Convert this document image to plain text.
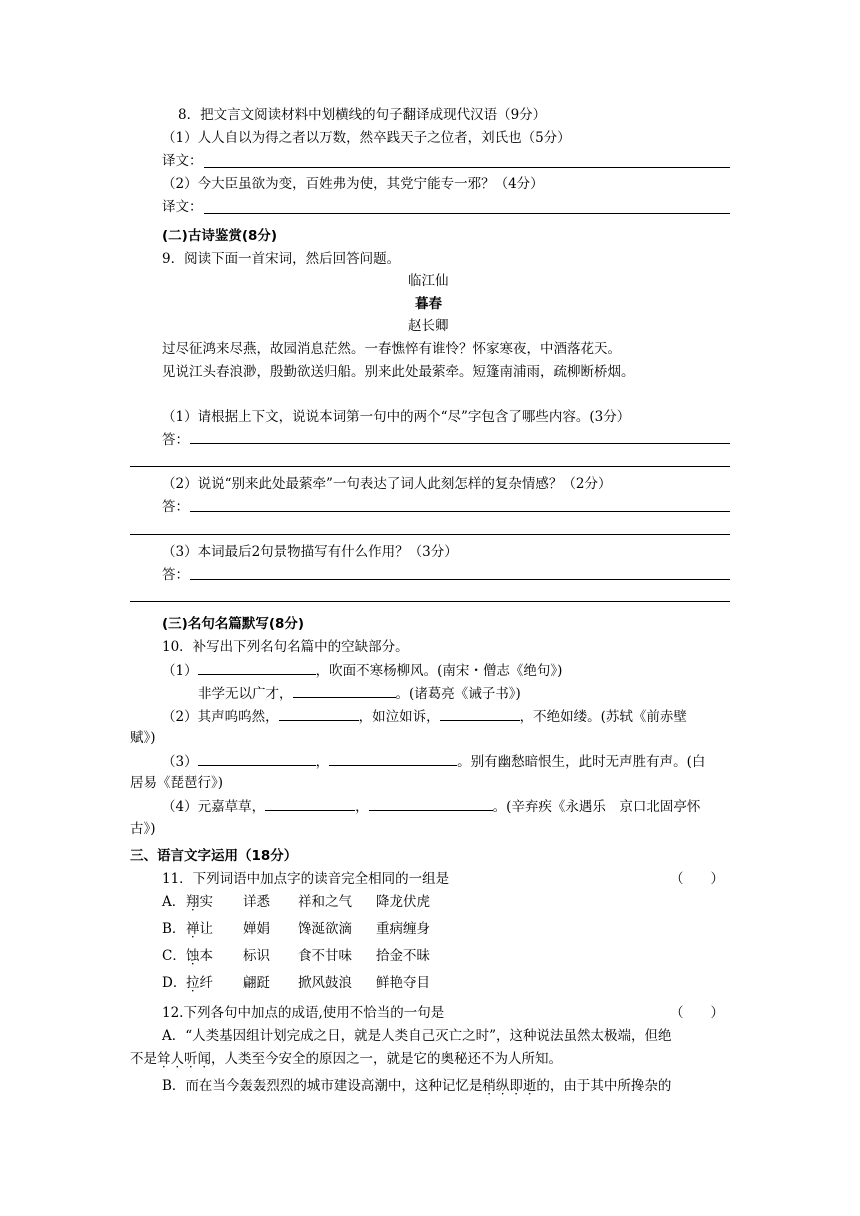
8．把文言文阅读材料中划横线的句子翻译成现代汉语（9分）
（1）人人自以为得之者以万数，然卒践天子之位者，刘氏也（5分）
译文：
（2）今大臣虽欲为变，百姓弗为使，其党宁能专一邪？（4分）
译文：
(二)古诗鉴赏(8分)
9．阅读下面一首宋词，然后回答问题。
临江仙
暮春
赵长卿
过尽征鸿来尽燕，故园消息茫然。一春憔悴有谁怜？怀家寒夜，中酒落花天。
见说江头春浪渺，殷勤欲送归船。别来此处最萦牵。短篷南浦雨，疏柳断桥烟。
（1）请根据上下文，说说本词第一句中的两个“尽”字包含了哪些内容。(3分）
答：
（2）说说“别来此处最萦牵”一句表达了词人此刻怎样的复杂情感？（2分）
答：
（3）本词最后2句景物描写有什么作用？（3分）
答：
(三)名句名篇默写(8分)
10．补写出下列名句名篇中的空缺部分。
（1）	，吹面不寒杨柳风。(南宋・僧志《绝句》)
非学无以广才，	。(诸葛亮《诫子书》)
（2）其声呜呜然，	，如泣如诉，	，不绝如缕。(苏轼《前赤壁
赋》)
（3）	，	。别有幽愁暗恨生，此时无声胜有声。(白
居易《琵琶行》)
（4）元嘉草草，	，	。(辛弃疾《永遇乐　京口北固亭怀
古》)
三、语言文字运用（18分）
11．下列词语中加点字的读音完全相同的一组是	（　　）
A．翔实 详悉 祥和之气 降龙伏虎
B．禅让 婵娟 馋涎欲滴 重病缠身
C．蚀本 标识 食不甘味 拾金不昧
D．拉纤 翩跹 掀风鼓浪 鲜艳夺目
12.下列各句中加点的成语,使用不恰当的一句是	（　　）
A．“人类基因组计划完成之日，就是人类自己灭亡之时”，这种说法虽然太极端，但绝
不是耸人听闻，人类至今安全的原因之一，就是它的奥秘还不为人所知。
B．而在当今轰轰烈烈的城市建设高潮中，这种记忆是稍纵即逝的，由于其中所搀杂的
